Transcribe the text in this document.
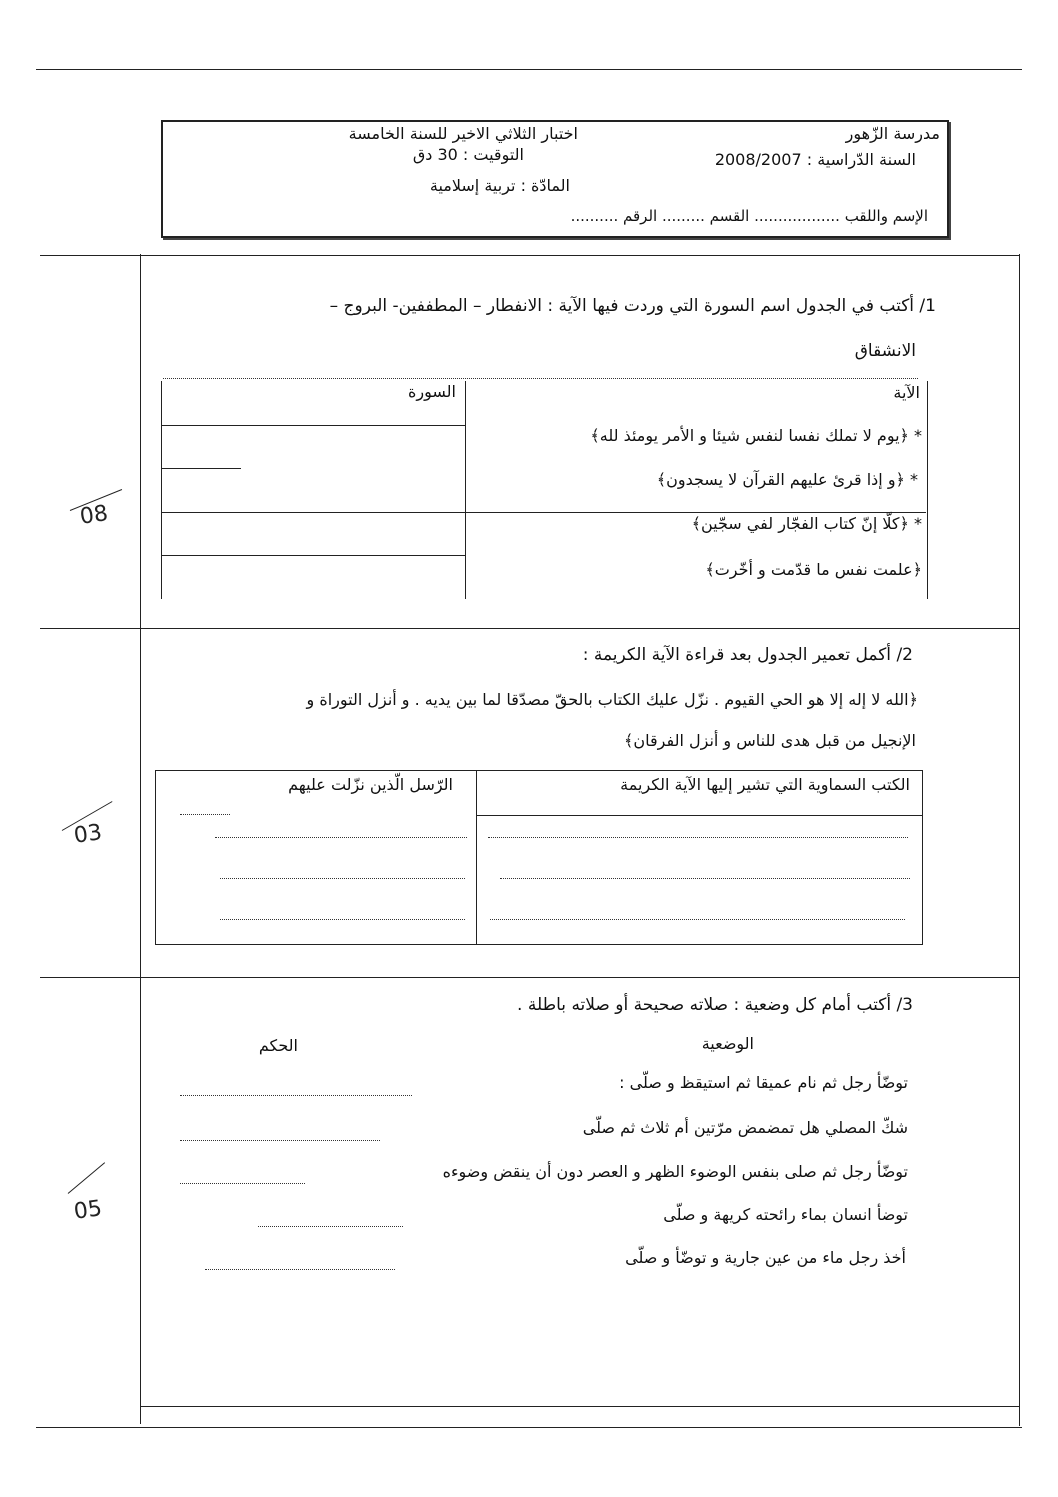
مدرسة الزّهور
السنة الدّراسية : 2008/2007
اختبار الثلاثي الاخير للسنة الخامسة
التوقيت : 30 دق
المادّة : تربية إسلامية
الإسم واللقب .................. القسم ......... الرقم ..........
1/ أكتب في الجدول اسم السورة التي وردت فيها الآية : الانفطار – المطففين- البروج –
الانشقاق
الآية
السورة
* ﴿يوم لا تملك نفسا لنفس شيئا و الأمر يومئذ لله﴾
* ﴿و إذا قرئ عليهم القرآن لا يسجدون﴾
* ﴿كلّا إنّ كتاب الفجّار لفي سجّين﴾
﴿علمت نفس ما قدّمت و أخّرت﴾
08
2/ أكمل تعمير الجدول بعد قراءة الآية الكريمة :
﴿الله لا إله إلا هو الحي القيوم . نزّل عليك الكتاب بالحقّ مصدّقا لما بين يديه . و أنزل التوراة و
الإنجيل من قبل هدى للناس و أنزل الفرقان﴾
الكتب السماوية التي تشير إليها الآية الكريمة
الرّسل الّذين نزّلت عليهم
03
3/ أكتب أمام كل وضعية : صلاته صحيحة أو صلاته باطلة .
الوضعية
الحكم
توضّأ رجل ثم نام عميقا ثم استيقظ و صلّى :
شكّ المصلي هل تمضمض مرّتين أم ثلاث ثم صلّى
توضّأ رجل ثم صلى بنفس الوضوء الظهر و العصر دون أن ينقض وضوءه
توضأ انسان بماء رائحته كريهة و صلّى
أخذ رجل ماء من عين جارية و توضّأ و صلّى
05
